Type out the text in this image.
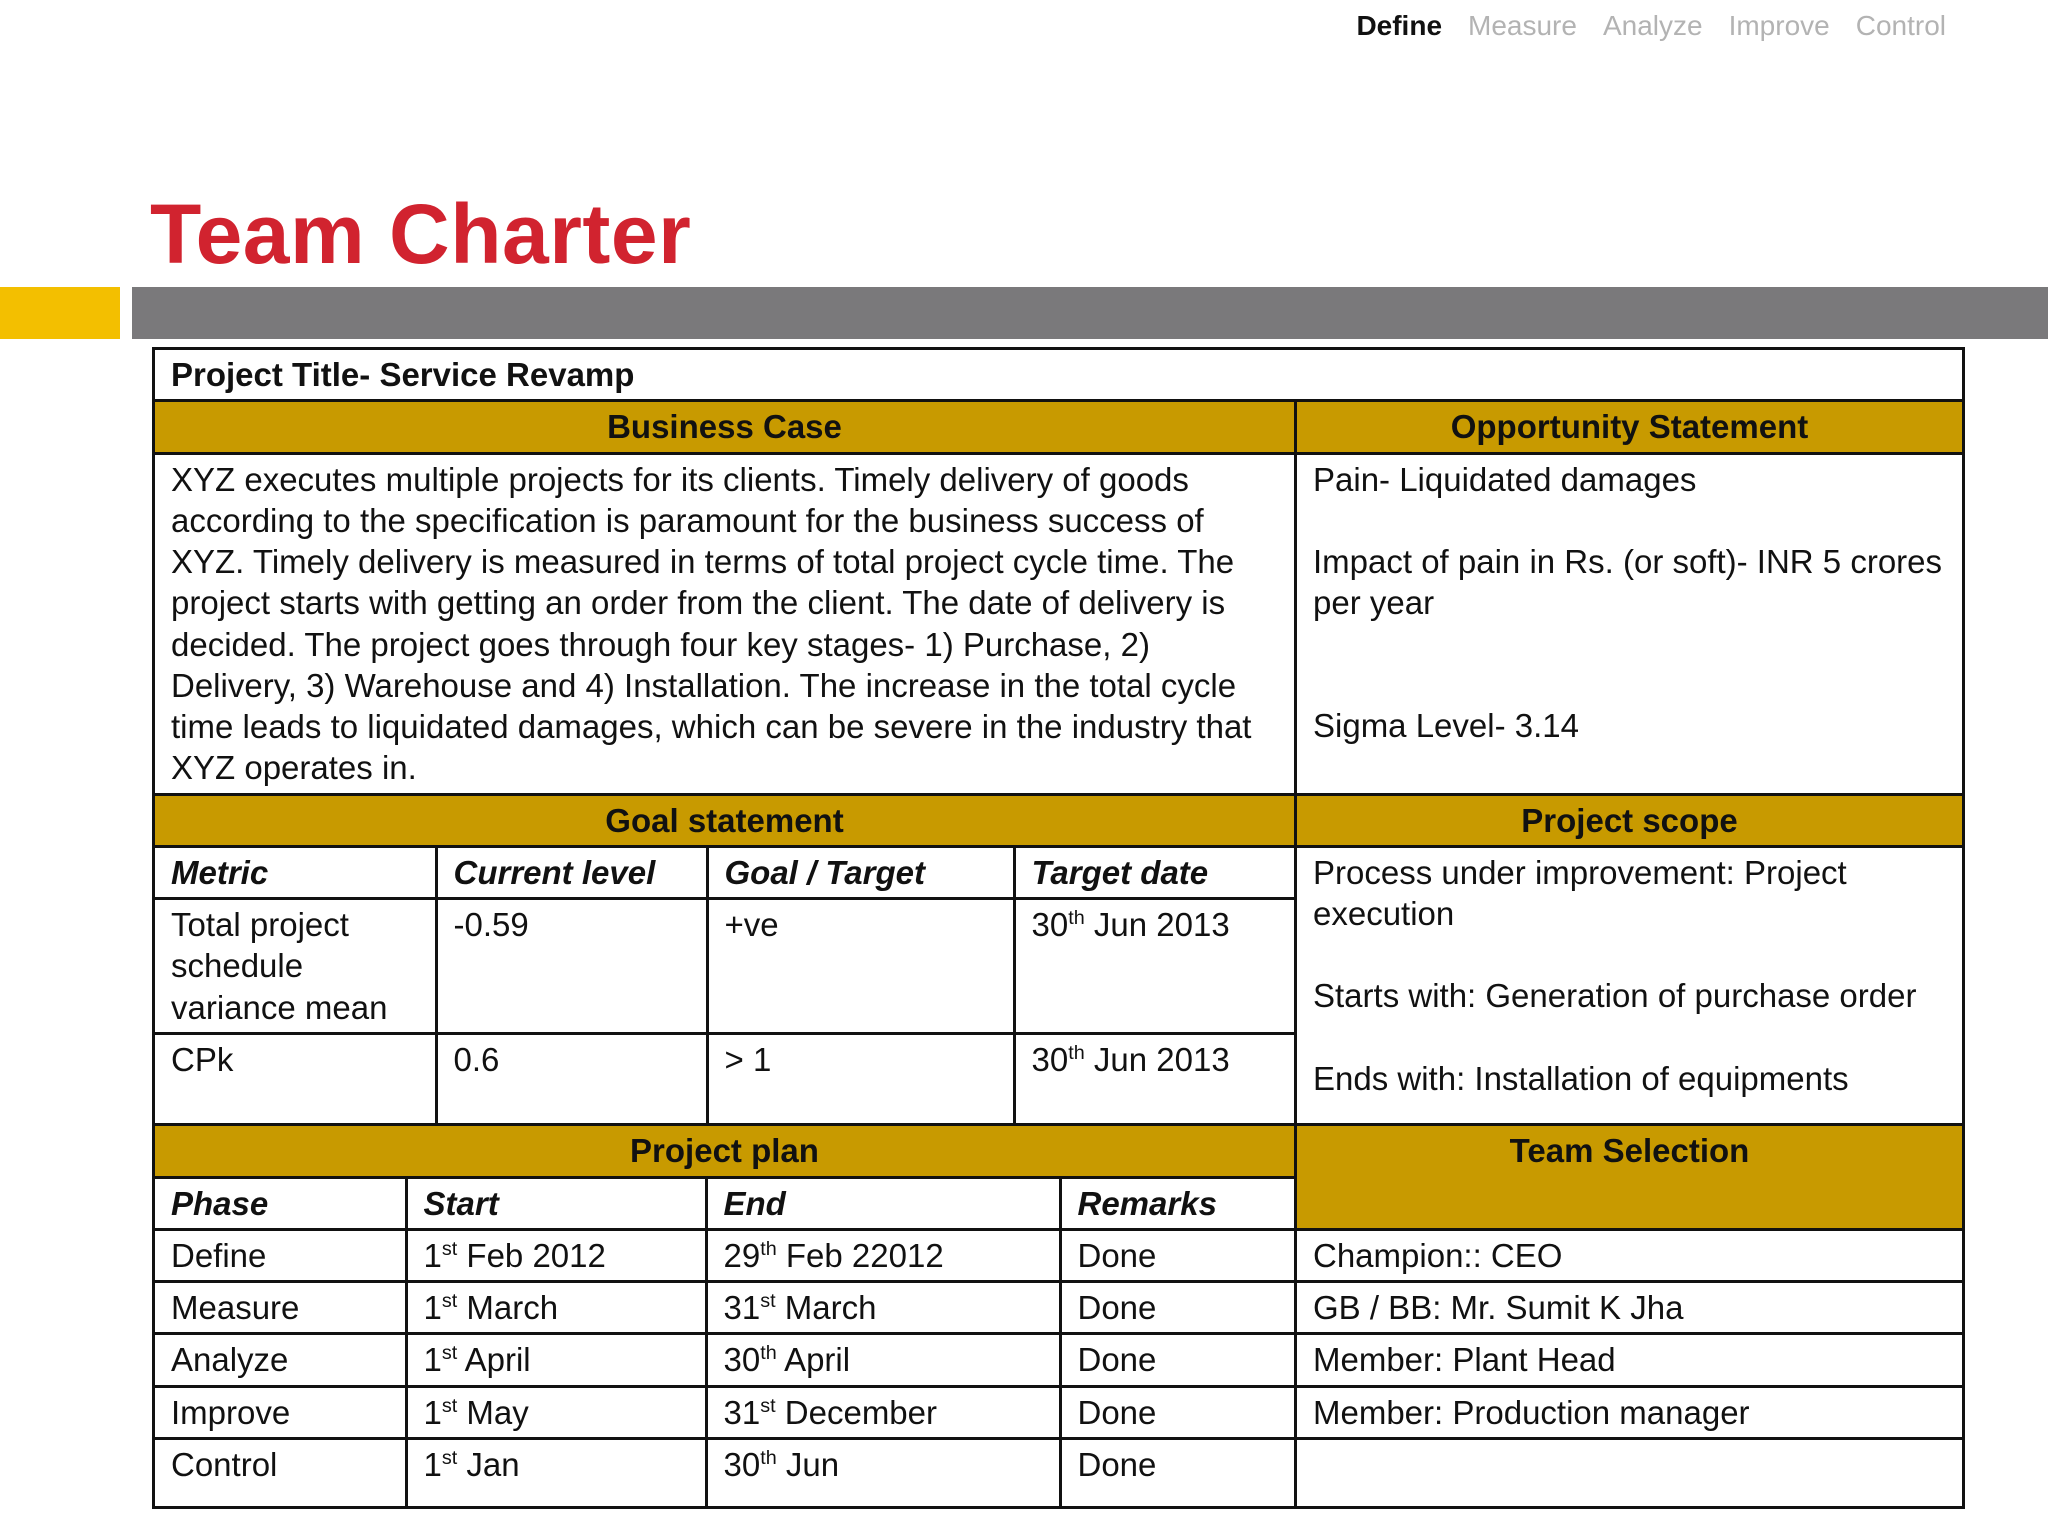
Define Measure Analyze Improve Control
Team Charter
Project Title- Service Revamp
Business Case	Opportunity Statement
XYZ executes multiple projects for its clients. Timely delivery of goods according to the specification is paramount for the business success of XYZ. Timely delivery is measured in terms of total project cycle time. The project starts with getting an order from the client. The date of delivery is decided. The project goes through four key stages- 1) Purchase, 2) Delivery, 3) Warehouse and 4) Installation. The increase in the total cycle time leads to liquidated damages, which can be severe in the industry that XYZ operates in.	
Pain- Liquidated damages
Impact of pain in Rs. (or soft)- INR 5 crores per year
Sigma Level- 3.14

Goal statement	Project scope

Metric	Current level	Goal / Target	Target date
Total project schedule variance mean	-0.59	+ve	30th Jun 2013
CPk	0.6	> 1	30th Jun 2013

Process under improvement: Project execution
Starts with: Generation of purchase order
Ends with: Installation of equipments

Project plan	Team Selection

Phase	Start	End	Remarks

Define	1st Feb 2012	29th Feb 22012	Done
Measure	1st March	31st March	Done
Analyze	1st April	30th April	Done
Improve	1st May	31st December	Done
Control	1st Jan	30th Jun	Done

Champion:: CEO
GB / BB: Mr. Sumit K Jha
Member: Plant Head
Member: Production manager
